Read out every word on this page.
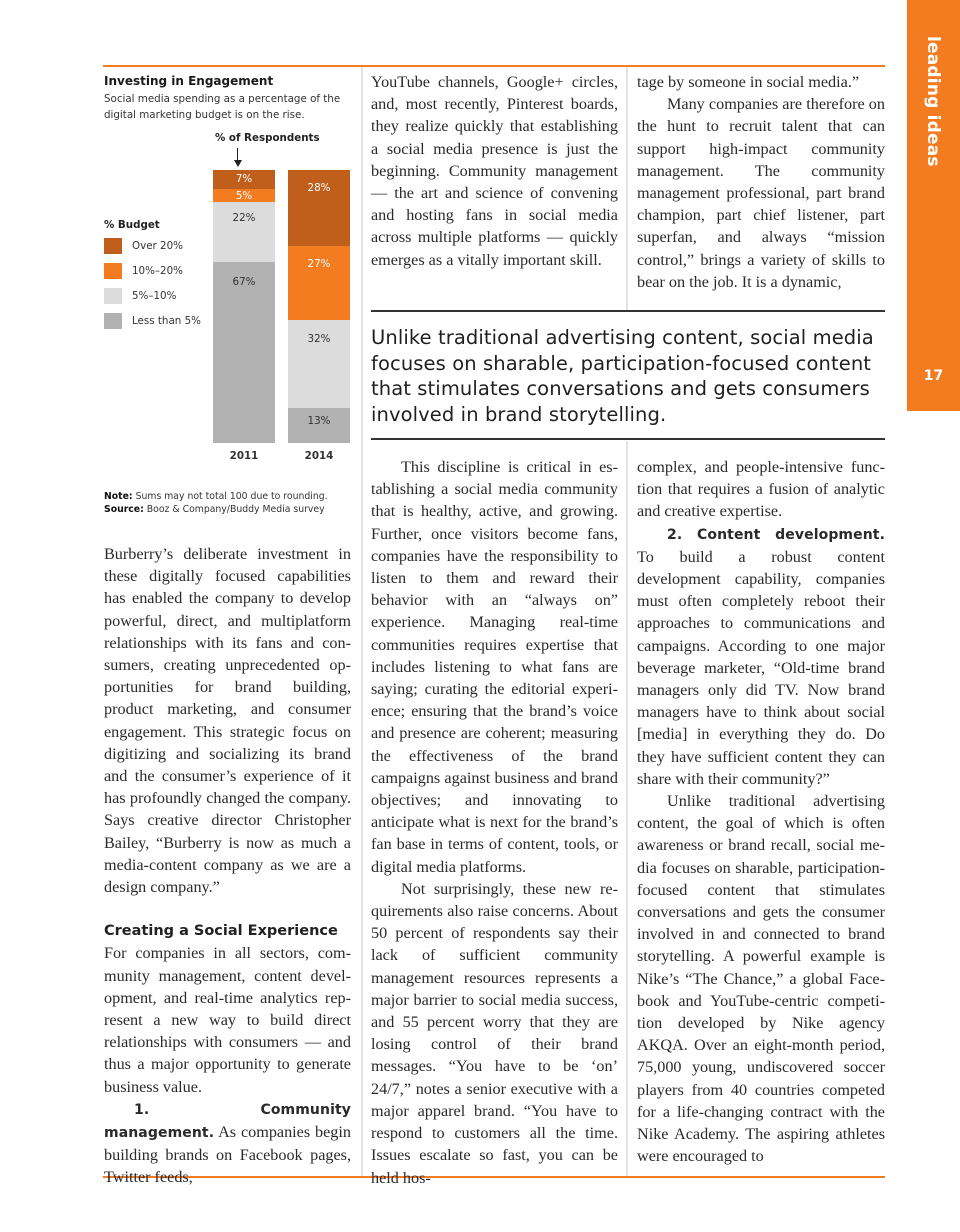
leading ideas
17
Investing in Engagement
Social media spending as a percentage of the digital marketing budget is on the rise.
% of Respondents
% Budget
Over 20%
10%–20%
5%–10%
Less than 5%
67%
22%
5%
7%
13%
32%
27%
28%
2011	2014
Note: Sums may not total 100 due to rounding.
Source: Booz & Company/Buddy Media survey

Burberry’s deliberate investment in these digitally focused capabilities has enabled the company to develop powerful, direct, and multiplatform relationships with its fans and consumers, creating unprecedented opportunities for brand building, product marketing, and consumer engagement. This strategic focus on digitizing and socializing its brand and the consumer’s experience of it has profoundly changed the company. Says creative director Christopher Bailey, “Burberry is now as much a media-content company as we are a design company.”

Creating a Social Experience

For companies in all sectors, community management, content development, and real-time analytics represent a new way to build direct relationships with consumers — and thus a major opportunity to generate business value.

1. Community management. As companies begin building brands on Facebook pages, Twitter feeds,

YouTube channels, Google+ circles, and, most recently, Pinterest boards, they realize quickly that establishing a social media presence is just the beginning. Community management — the art and science of convening and hosting fans in social media across multiple platforms — quickly emerges as a vitally important skill.

tage by someone in social media.”

Many companies are therefore on the hunt to recruit talent that can support high-impact community management. The community management professional, part brand champion, part chief listener, part superfan, and always “mission control,” brings a variety of skills to bear on the job. It is a dynamic,

Unlike traditional advertising content, social media focuses on sharable, participation-focused content that stimulates conversations and gets consumers involved in brand storytelling.

This discipline is critical in establishing a social media community that is healthy, active, and growing. Further, once visitors become fans, companies have the responsibility to listen to them and reward their behavior with an “always on” experience. Managing real-time communities requires expertise that includes listening to what fans are saying; curating the editorial experience; ensuring that the brand’s voice and presence are coherent; measuring the effectiveness of the brand campaigns against business and brand objectives; and innovating to anticipate what is next for the brand’s fan base in terms of content, tools, or digital media platforms.

Not surprisingly, these new requirements also raise concerns. About 50 percent of respondents say their lack of sufficient community management resources represents a major barrier to social media success, and 55 percent worry that they are losing control of their brand messages. “You have to be ‘on’ 24/7,” notes a senior executive with a major apparel brand. “You have to respond to customers all the time. Issues escalate so fast, you can be held hos-

complex, and people-intensive function that requires a fusion of analytic and creative expertise.

2. Content development. To build a robust content development capability, companies must often completely reboot their approaches to communications and campaigns. According to one major beverage marketer, “Old-time brand managers only did TV. Now brand managers have to think about social [media] in everything they do. Do they have sufficient content they can share with their community?”

Unlike traditional advertising content, the goal of which is often awareness or brand recall, social media focuses on sharable, participation-focused content that stimulates conversations and gets the consumer involved in and connected to brand storytelling. A powerful example is Nike’s “The Chance,” a global Facebook and YouTube-centric competition developed by Nike agency AKQA. Over an eight-month period, 75,000 young, undiscovered soccer players from 40 countries competed for a life-changing contract with the Nike Academy. The aspiring athletes were encouraged to
